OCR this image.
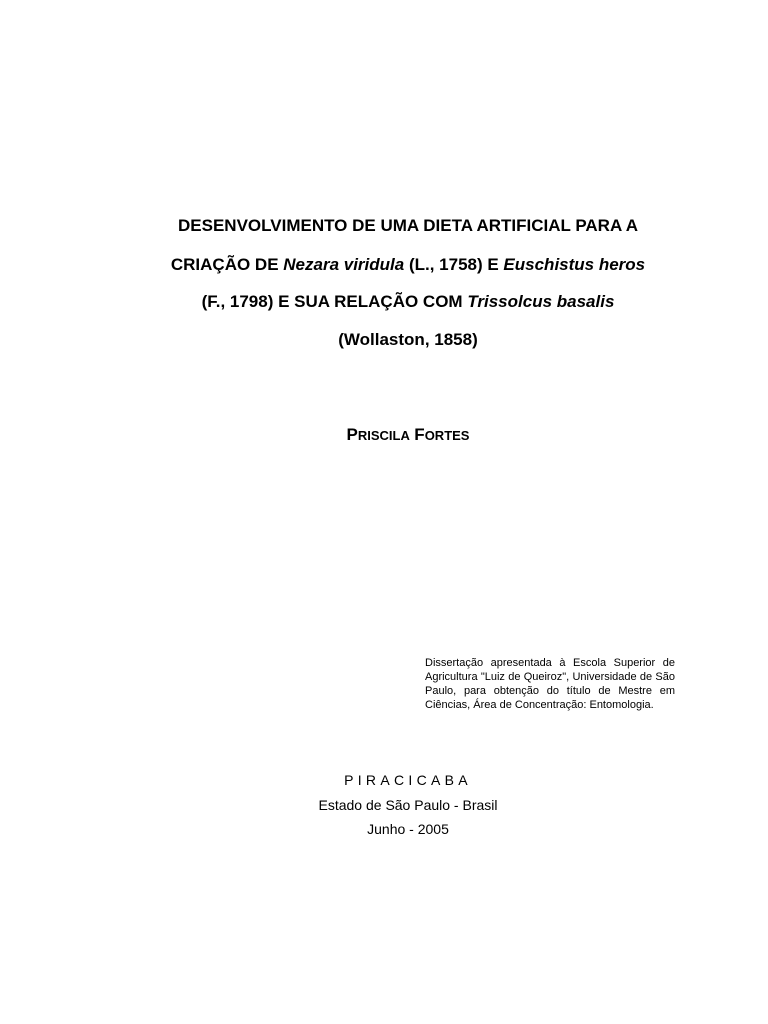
DESENVOLVIMENTO DE UMA DIETA ARTIFICIAL PARA A
CRIAÇÃO DE Nezara viridula (L., 1758) E Euschistus heros
(F., 1798) E SUA RELAÇÃO COM Trissolcus basalis
(Wollaston, 1858)
PRISCILA FORTES
Dissertação apresentada à Escola Superior de Agricultura "Luiz de Queiroz", Universidade de São Paulo, para obtenção do título de Mestre em Ciências, Área de Concentração: Entomologia.
PIRACICABA
Estado de São Paulo - Brasil
Junho - 2005
